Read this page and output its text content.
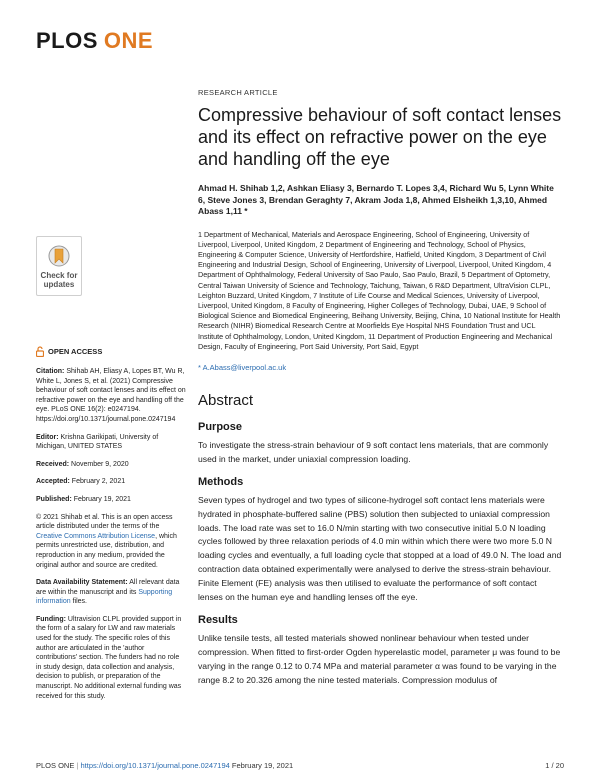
PLOS ONE
Check for updates
OPEN ACCESS
Citation: Shihab AH, Eliasy A, Lopes BT, Wu R, White L, Jones S, et al. (2021) Compressive behaviour of soft contact lenses and its effect on refractive power on the eye and handling off the eye. PLoS ONE 16(2): e0247194. https://doi.org/10.1371/journal.pone.0247194
Editor: Krishna Garikipati, University of Michigan, UNITED STATES
Received: November 9, 2020
Accepted: February 2, 2021
Published: February 19, 2021
© 2021 Shihab et al. This is an open access article distributed under the terms of the Creative Commons Attribution License, which permits unrestricted use, distribution, and reproduction in any medium, provided the original author and source are credited.
Data Availability Statement: All relevant data are within the manuscript and its Supporting information files.
Funding: Ultravision CLPL provided support in the form of a salary for LW and raw materials used for the study. The specific roles of this author are articulated in the 'author contributions' section. The funders had no role in study design, data collection and analysis, decision to publish, or preparation of the manuscript. No additional external funding was received for this study.
RESEARCH ARTICLE
Compressive behaviour of soft contact lenses and its effect on refractive power on the eye and handling off the eye
Ahmad H. Shihab 1,2, Ashkan Eliasy 3, Bernardo T. Lopes 3,4, Richard Wu 5, Lynn White 6, Steve Jones 3, Brendan Geraghty 7, Akram Joda 1,8, Ahmed Elsheikh 1,3,10, Ahmed Abass 1,11 *
1 Department of Mechanical, Materials and Aerospace Engineering, School of Engineering, University of Liverpool, Liverpool, United Kingdom, 2 Department of Engineering and Technology, School of Physics, Engineering & Computer Science, University of Hertfordshire, Hatfield, United Kingdom, 3 Department of Civil Engineering and Industrial Design, School of Engineering, University of Liverpool, Liverpool, United Kingdom, 4 Department of Ophthalmology, Federal University of Sao Paulo, Sao Paulo, Brazil, 5 Department of Optometry, Central Taiwan University of Science and Technology, Taichung, Taiwan, 6 R&D Department, UltraVision CLPL, Leighton Buzzard, United Kingdom, 7 Institute of Life Course and Medical Sciences, University of Liverpool, Liverpool, United Kingdom, 8 Faculty of Engineering, Higher Colleges of Technology, Dubai, UAE, 9 School of Biological Science and Biomedical Engineering, Beihang University, Beijing, China, 10 National Institute for Health Research (NIHR) Biomedical Research Centre at Moorfields Eye Hospital NHS Foundation Trust and UCL Institute of Ophthalmology, London, United Kingdom, 11 Department of Production Engineering and Mechanical Design, Faculty of Engineering, Port Said University, Port Said, Egypt
* A.Abass@liverpool.ac.uk
Abstract
Purpose

To investigate the stress-strain behaviour of 9 soft contact lens materials, that are commonly used in the market, under uniaxial compression loading.

Methods

Seven types of hydrogel and two types of silicone-hydrogel soft contact lens materials were hydrated in phosphate-buffered saline (PBS) solution then subjected to uniaxial compression loads. The load rate was set to 16.0 N/min starting with two consecutive initial 5.0 N loading cycles followed by three relaxation periods of 4.0 min within which there were two more 5.0 N loading cycles and eventually, a full loading cycle that stopped at a load of 49.0 N. The load and contraction data obtained experimentally were analysed to derive the stress-strain behaviour. Finite Element (FE) analysis was then utilised to evaluate the performance of soft contact lenses on the human eye and handling lenses off the eye.

Results

Unlike tensile tests, all tested materials showed nonlinear behaviour when tested under compression. When fitted to first-order Ogden hyperelastic model, parameter μ was found to be varying in the range 0.12 to 0.74 MPa and material parameter α was found to be varying in the range 8.2 to 20.326 among the nine tested materials. Compression modulus of

PLOS ONE | https://doi.org/10.1371/journal.pone.0247194 February 19, 2021	1 / 20
